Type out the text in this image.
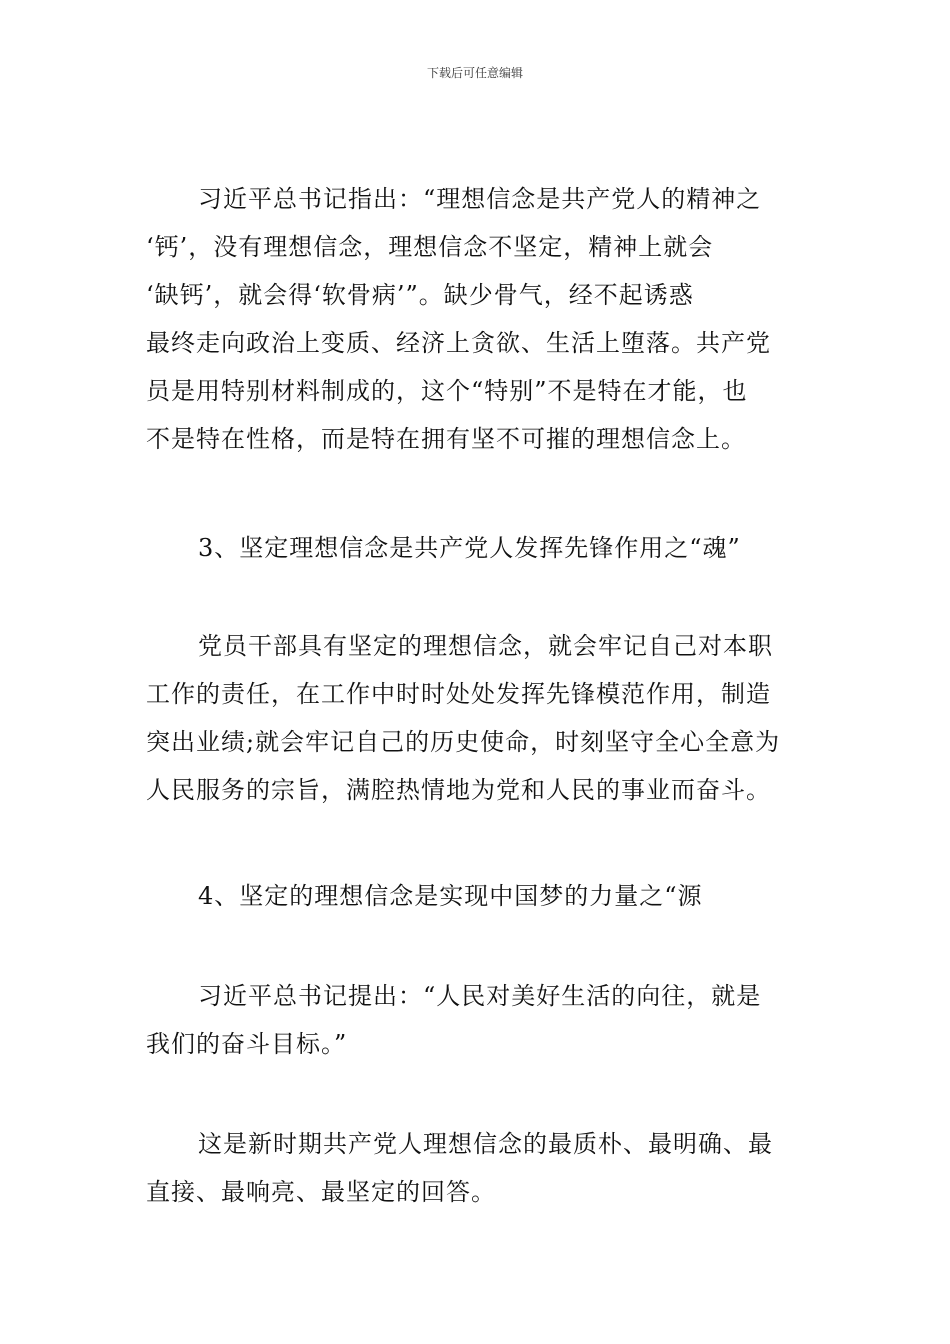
下载后可任意编辑
习近平总书记指出：“理想信念是共产党人的精神之
‘钙’，没有理想信念，理想信念不坚定，精神上就会
‘缺钙’，就会得‘软骨病’”。缺少骨气，经不起诱惑
最终走向政治上变质、经济上贪欲、生活上堕落。共产党
员是用特别材料制成的，这个“特别”不是特在才能，也
不是特在性格，而是特在拥有坚不可摧的理想信念上。
3、坚定理想信念是共产党人发挥先锋作用之“魂”
党员干部具有坚定的理想信念，就会牢记自己对本职
工作的责任，在工作中时时处处发挥先锋模范作用，制造
突出业绩;就会牢记自己的历史使命，时刻坚守全心全意为
人民服务的宗旨，满腔热情地为党和人民的事业而奋斗。
4、坚定的理想信念是实现中国梦的力量之“源
习近平总书记提出：“人民对美好生活的向往，就是
我们的奋斗目标。”
这是新时期共产党人理想信念的最质朴、最明确、最
直接、最响亮、最坚定的回答。
